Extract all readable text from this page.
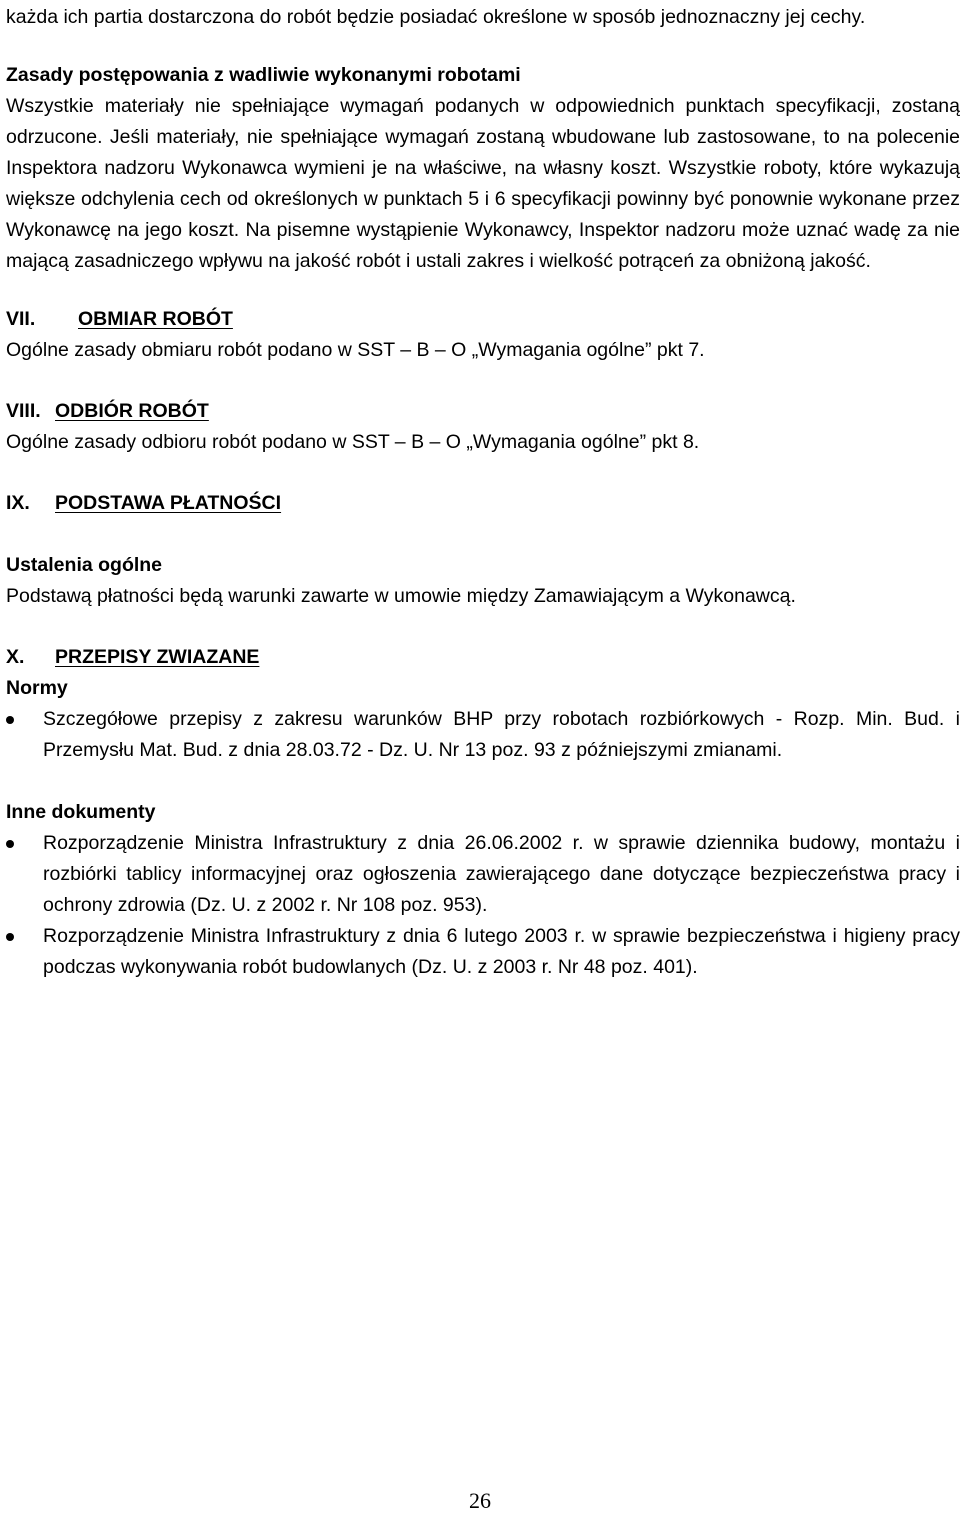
każda ich partia dostarczona do robót będzie posiadać określone w sposób jednoznaczny jej cechy.

Zasady postępowania z wadliwie wykonanymi robotami

Wszystkie materiały nie spełniające wymagań podanych w odpowiednich punktach specyfikacji, zostaną odrzucone. Jeśli materiały, nie spełniające wymagań zostaną wbudowane lub zastosowane, to na polecenie Inspektora nadzoru Wykonawca wymieni je na właściwe, na własny koszt. Wszystkie roboty, które wykazują większe odchylenia cech od określonych w punktach 5 i 6 specyfikacji powinny być ponownie wykonane przez Wykonawcę na jego koszt. Na pisemne wystąpienie Wykonawcy, Inspektor nadzoru może uznać wadę za nie mającą zasadniczego wpływu na jakość robót i ustali zakres i wielkość potrąceń za obniżoną jakość.

VII.	OBMIAR ROBÓT

Ogólne zasady obmiaru robót podano w SST – B – O „Wymagania ogólne” pkt 7.

VIII. ODBIÓR ROBÓT

Ogólne zasady odbioru robót podano w SST – B – O „Wymagania ogólne” pkt 8.

IX.	PODSTAWA PŁATNOŚCI
Ustalenia ogólne

Podstawą płatności będą warunki zawarte w umowie między Zamawiającym a Wykonawcą.

X.	PRZEPISY ZWIAZANE
Normy
Szczegółowe przepisy z zakresu warunków BHP przy robotach rozbiórkowych - Rozp. Min. Bud. i Przemysłu Mat. Bud. z dnia 28.03.72 - Dz. U. Nr 13 poz. 93 z późniejszymi zmianami.
Inne dokumenty
Rozporządzenie Ministra Infrastruktury z dnia 26.06.2002 r. w sprawie dziennika budowy, montażu i rozbiórki tablicy informacyjnej oraz ogłoszenia zawierającego dane dotyczące bezpieczeństwa pracy i ochrony zdrowia (Dz. U. z 2002 r. Nr 108 poz. 953).
Rozporządzenie Ministra Infrastruktury z dnia 6 lutego 2003 r. w sprawie bezpieczeństwa i higieny pracy podczas wykonywania robót budowlanych (Dz. U. z 2003 r. Nr 48 poz. 401).
26
